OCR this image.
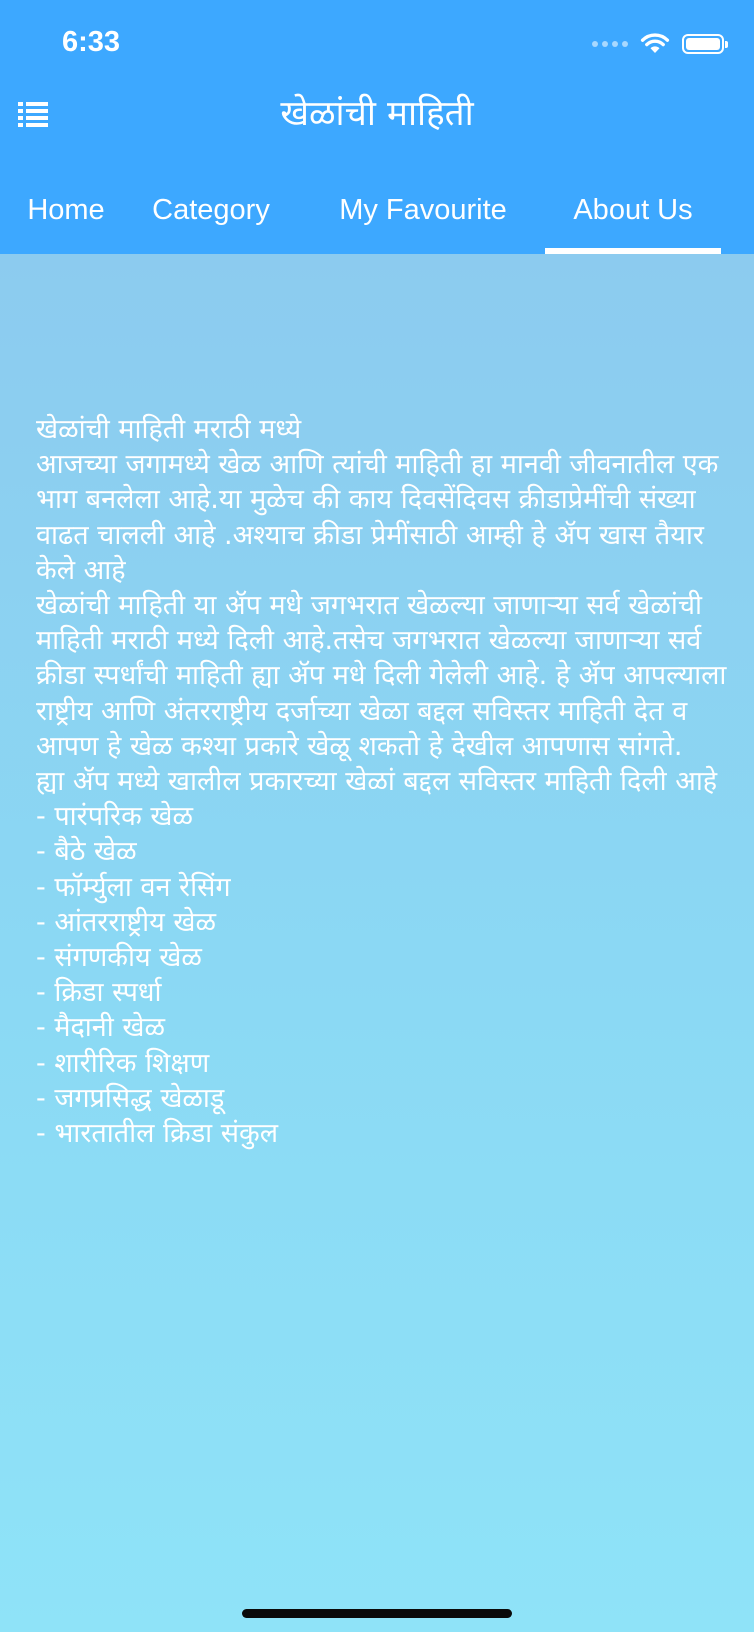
6:33
खेळांची माहिती
Home	Category	My Favourite	About Us
खेळांची माहिती मराठी मध्ये
आजच्या जगामध्ये खेळ आणि त्यांची माहिती हा मानवी जीवनातील एक भाग बनलेला आहे.या मुळेच की काय दिवसेंदिवस क्रीडाप्रेमींची संख्या वाढत चालली आहे .अश्याच क्रीडा प्रेमींसाठी आम्ही हे ॲप खास तैयार केले आहे
खेळांची माहिती या ॲप मधे जगभरात खेळल्या जाणाऱ्या सर्व खेळांची माहिती मराठी मध्ये दिली आहे.तसेच जगभरात खेळल्या जाणाऱ्या सर्व क्रीडा स्पर्धांची माहिती ह्या ॲप मधे दिली गेलेली आहे. हे ॲप आपल्याला राष्ट्रीय आणि अंतरराष्ट्रीय दर्जाच्या खेळा बद्दल सविस्तर माहिती देत व आपण हे खेळ कश्या प्रकारे खेळू शकतो हे देखील आपणास सांगते.
ह्या ॲप मध्ये खालील प्रकारच्या खेळां बद्दल सविस्तर माहिती दिली आहे
- पारंपरिक खेळ
- बैठे खेळ
- फॉर्म्युला वन रेसिंग
- आंतरराष्ट्रीय खेळ
- संगणकीय खेळ
- क्रिडा स्पर्धा
- मैदानी खेळ
- शारीरिक शिक्षण
- जगप्रसिद्ध खेळाडू
- भारतातील क्रिडा संकुल
